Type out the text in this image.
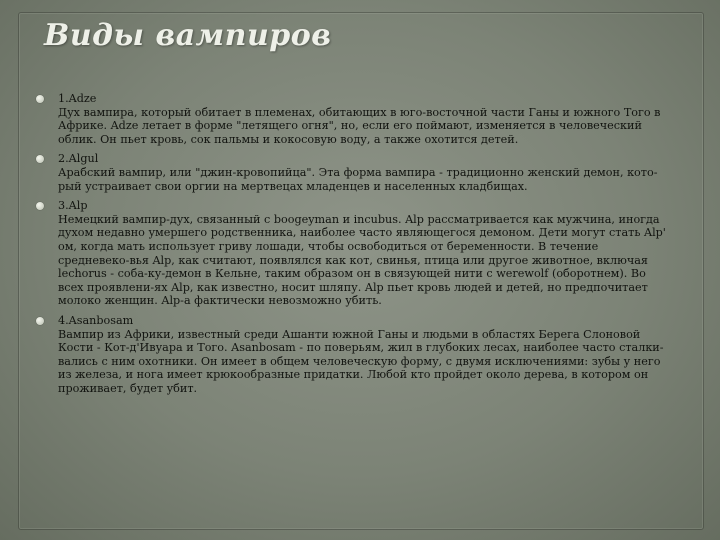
Виды вампиров
1.Adze
Дух вампира, который обитает в племенах, обитающих в юго-восточной части Ганы и южного Того в Африке. Adze летает в форме "летящего огня", но, если его поймают, изменяется в человеческий облик. Он пьет кровь, сок пальмы и кокосовую воду, а также охотится детей.
2.Algul
Арабский вампир, или "джин-кровопийца". Эта форма вампира - традиционно женский демон, кото-рый устраивает свои оргии на мертвецах младенцев и населенных кладбищах.
3.Alp
Немецкий вампир-дух, связанный с boogeyman и incubus. Alp рассматривается как мужчина, иногда духом недавно умершего родственника, наиболее часто являющегося демоном. Дети могут стать Alp' ом, когда мать использует гриву лошади, чтобы освободиться от беременности. В течение средневеко-вья Alp, как считают, появлялся как кот, свинья, птица или другое животное, включая lechorus - соба-ку-демон в Кельне, таким образом он в связующей нити с werewolf (оборотнем). Во всех проявлени-ях Alp, как известно, носит шляпу. Alp пьет кровь людей и детей, но предпочитает молоко женщин. Alp-а фактически невозможно убить.
4.Asanbosam
Вампир из Африки, известный среди Ашанти южной Ганы и людьми в областях Берега Слоновой Кости - Кот-д'Ивуара и Того. Asanbosam - по поверьям, жил в глубоких лесах, наиболее часто сталки-вались с ним охотники. Он имеет в общем человеческую форму, с двумя исключениями: зубы у него из железа, и нога имеет крюкообразные придатки. Любой кто пройдет около дерева, в котором он проживает, будет убит.
